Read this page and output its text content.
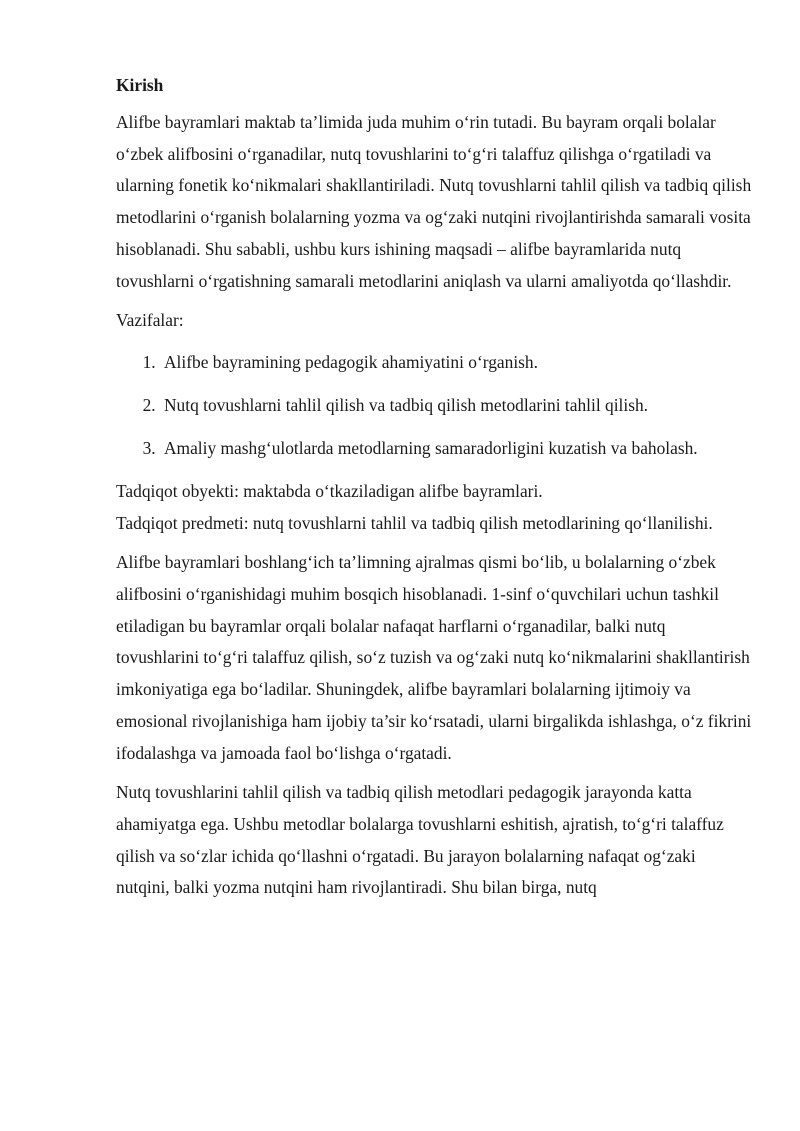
Kirish

Alifbe bayramlari maktab ta’limida juda muhim o‘rin tutadi. Bu bayram orqali bolalar o‘zbek alifbosini o‘rganadilar, nutq tovushlarini to‘g‘ri talaffuz qilishga o‘rgatiladi va ularning fonetik ko‘nikmalari shakllantiriladi. Nutq tovushlarni tahlil qilish va tadbiq qilish metodlarini o‘rganish bolalarning yozma va og‘zaki nutqini rivojlantirishda samarali vosita hisoblanadi. Shu sababli, ushbu kurs ishining maqsadi – alifbe bayramlarida nutq tovushlarni o‘rgatishning samarali metodlarini aniqlash va ularni amaliyotda qo‘llashdir.

Vazifalar:

1. Alifbe bayramining pedagogik ahamiyatini o‘rganish.
2. Nutq tovushlarni tahlil qilish va tadbiq qilish metodlarini tahlil qilish.
3. Amaliy mashg‘ulotlarda metodlarning samaradorligini kuzatish va baholash.

Tadqiqot obyekti: maktabda o‘tkaziladigan alifbe bayramlari.

Tadqiqot predmeti: nutq tovushlarni tahlil va tadbiq qilish metodlarining qo‘llanilishi.

Alifbe bayramlari boshlang‘ich ta’limning ajralmas qismi bo‘lib, u bolalarning o‘zbek alifbosini o‘rganishidagi muhim bosqich hisoblanadi. 1-sinf o‘quvchilari uchun tashkil etiladigan bu bayramlar orqali bolalar nafaqat harflarni o‘rganadilar, balki nutq tovushlarini to‘g‘ri talaffuz qilish, so‘z tuzish va og‘zaki nutq ko‘nikmalarini shakllantirish imkoniyatiga ega bo‘ladilar. Shuningdek, alifbe bayramlari bolalarning ijtimoiy va emosional rivojlanishiga ham ijobiy ta’sir ko‘rsatadi, ularni birgalikda ishlashga, o‘z fikrini ifodalashga va jamoada faol bo‘lishga o‘rgatadi.

Nutq tovushlarini tahlil qilish va tadbiq qilish metodlari pedagogik jarayonda katta ahamiyatga ega. Ushbu metodlar bolalarga tovushlarni eshitish, ajratish, to‘g‘ri talaffuz qilish va so‘zlar ichida qo‘llashni o‘rgatadi. Bu jarayon bolalarning nafaqat og‘zaki nutqini, balki yozma nutqini ham rivojlantiradi. Shu bilan birga, nutq
